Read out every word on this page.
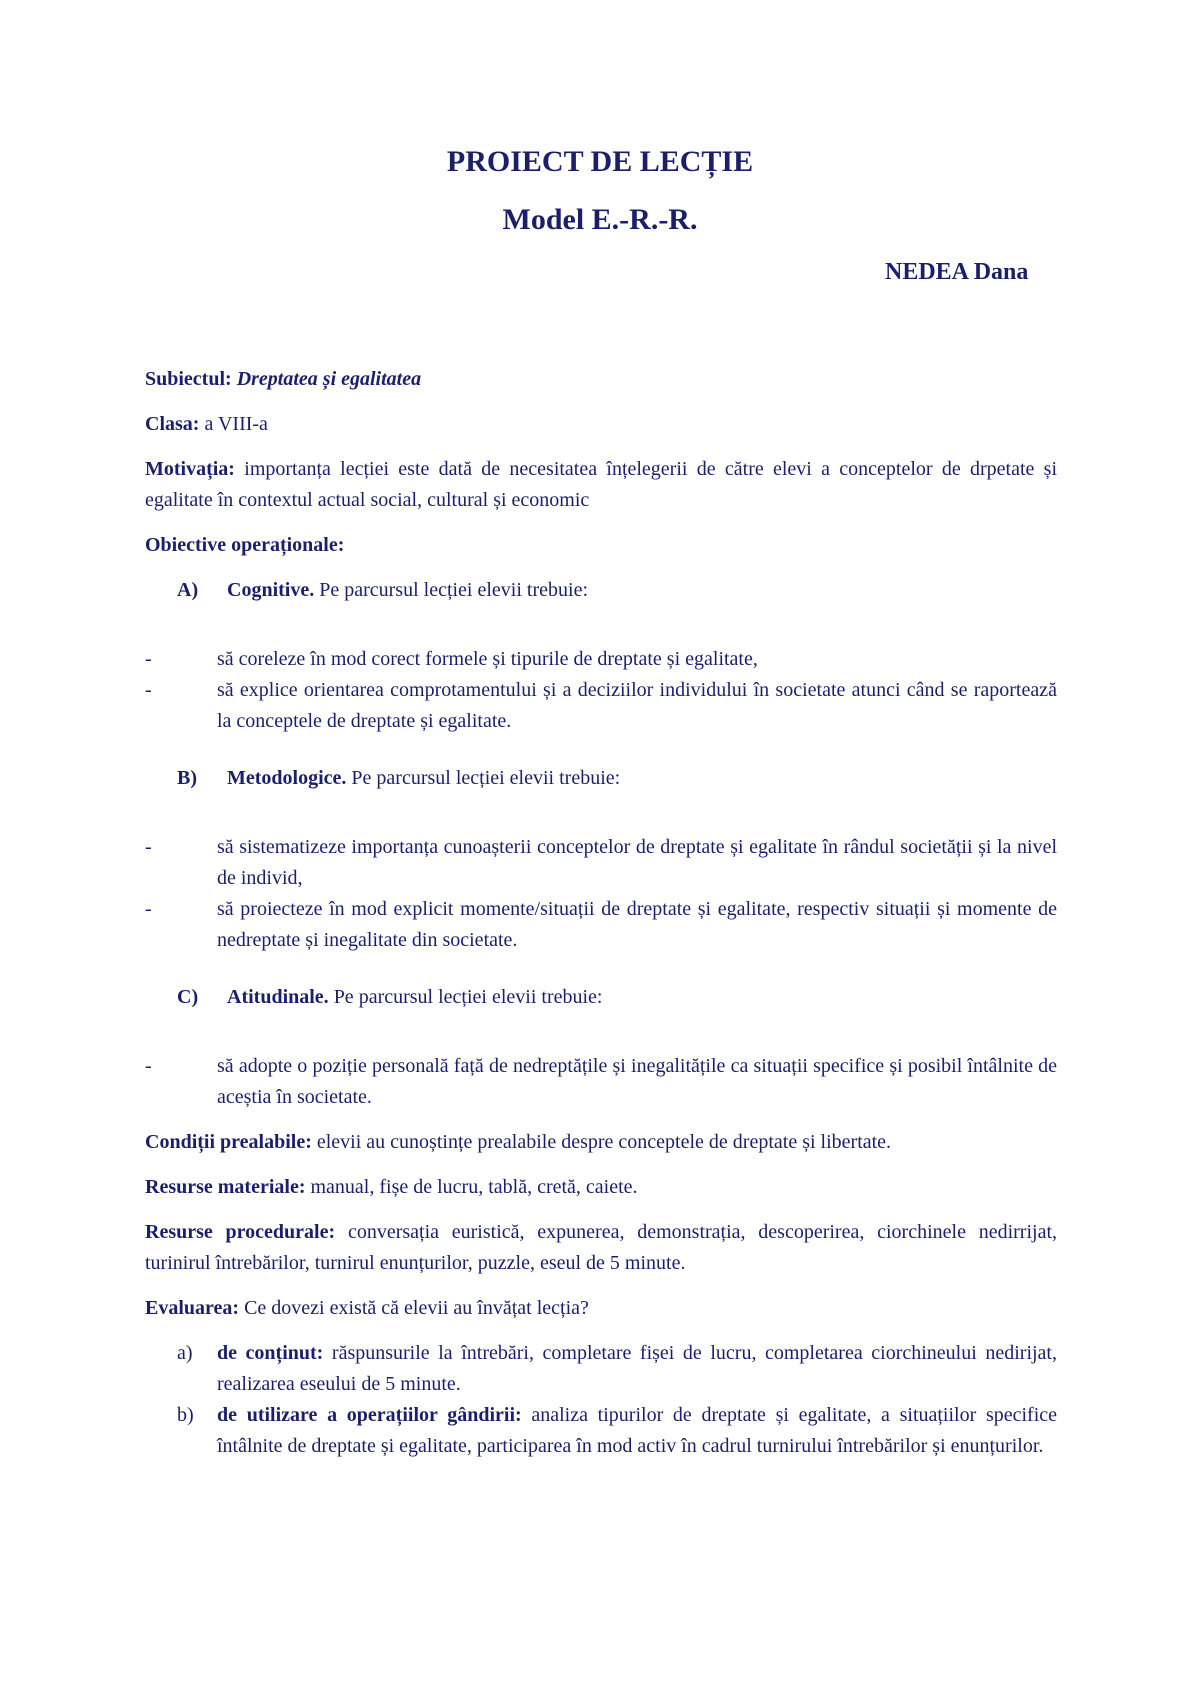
PROIECT DE LECȚIE
Model E.-R.-R.
NEDEA Dana

Subiectul: Dreptatea și egalitatea

Clasa: a VIII-a

Motivația: importanța lecției este dată de necesitatea înțelegerii de către elevi a conceptelor de drpetate și egalitate în contextul actual social, cultural și economic

Obiective operaționale:

A)	Cognitive. Pe parcursul lecției elevii trebuie:
-	să coreleze în mod corect formele și tipurile de dreptate și egalitate,
-	să explice orientarea comprotamentului și a deciziilor individului în societate atunci când se raportează la conceptele de dreptate și egalitate.
B)	Metodologice. Pe parcursul lecției elevii trebuie:
-	să sistematizeze importanța cunoașterii conceptelor de dreptate și egalitate în rândul societății și la nivel de individ,
-	să proiecteze în mod explicit momente/situații de dreptate și egalitate, respectiv situații și momente de nedreptate și inegalitate din societate.
C)	Atitudinale. Pe parcursul lecției elevii trebuie:
-	să adopte o poziție personală față de nedreptățile și inegalitățile ca situații specifice și posibil întâlnite de aceștia în societate.

Condiții prealabile: elevii au cunoștințe prealabile despre conceptele de dreptate și libertate.

Resurse materiale: manual, fișe de lucru, tablă, cretă, caiete.

Resurse procedurale: conversația euristică, expunerea, demonstrația, descoperirea, ciorchinele nedirrijat, turinirul întrebărilor, turnirul enunțurilor, puzzle, eseul de 5 minute.

Evaluarea: Ce dovezi există că elevii au învățat lecția?

a)	de conținut: răspunsurile la întrebări, completare fișei de lucru, completarea ciorchineului nedirijat, realizarea eseului de 5 minute.
b)	de utilizare a operațiilor gândirii: analiza tipurilor de dreptate și egalitate, a situațiilor specifice întâlnite de dreptate și egalitate, participarea în mod activ în cadrul turnirului întrebărilor și enunțurilor.
